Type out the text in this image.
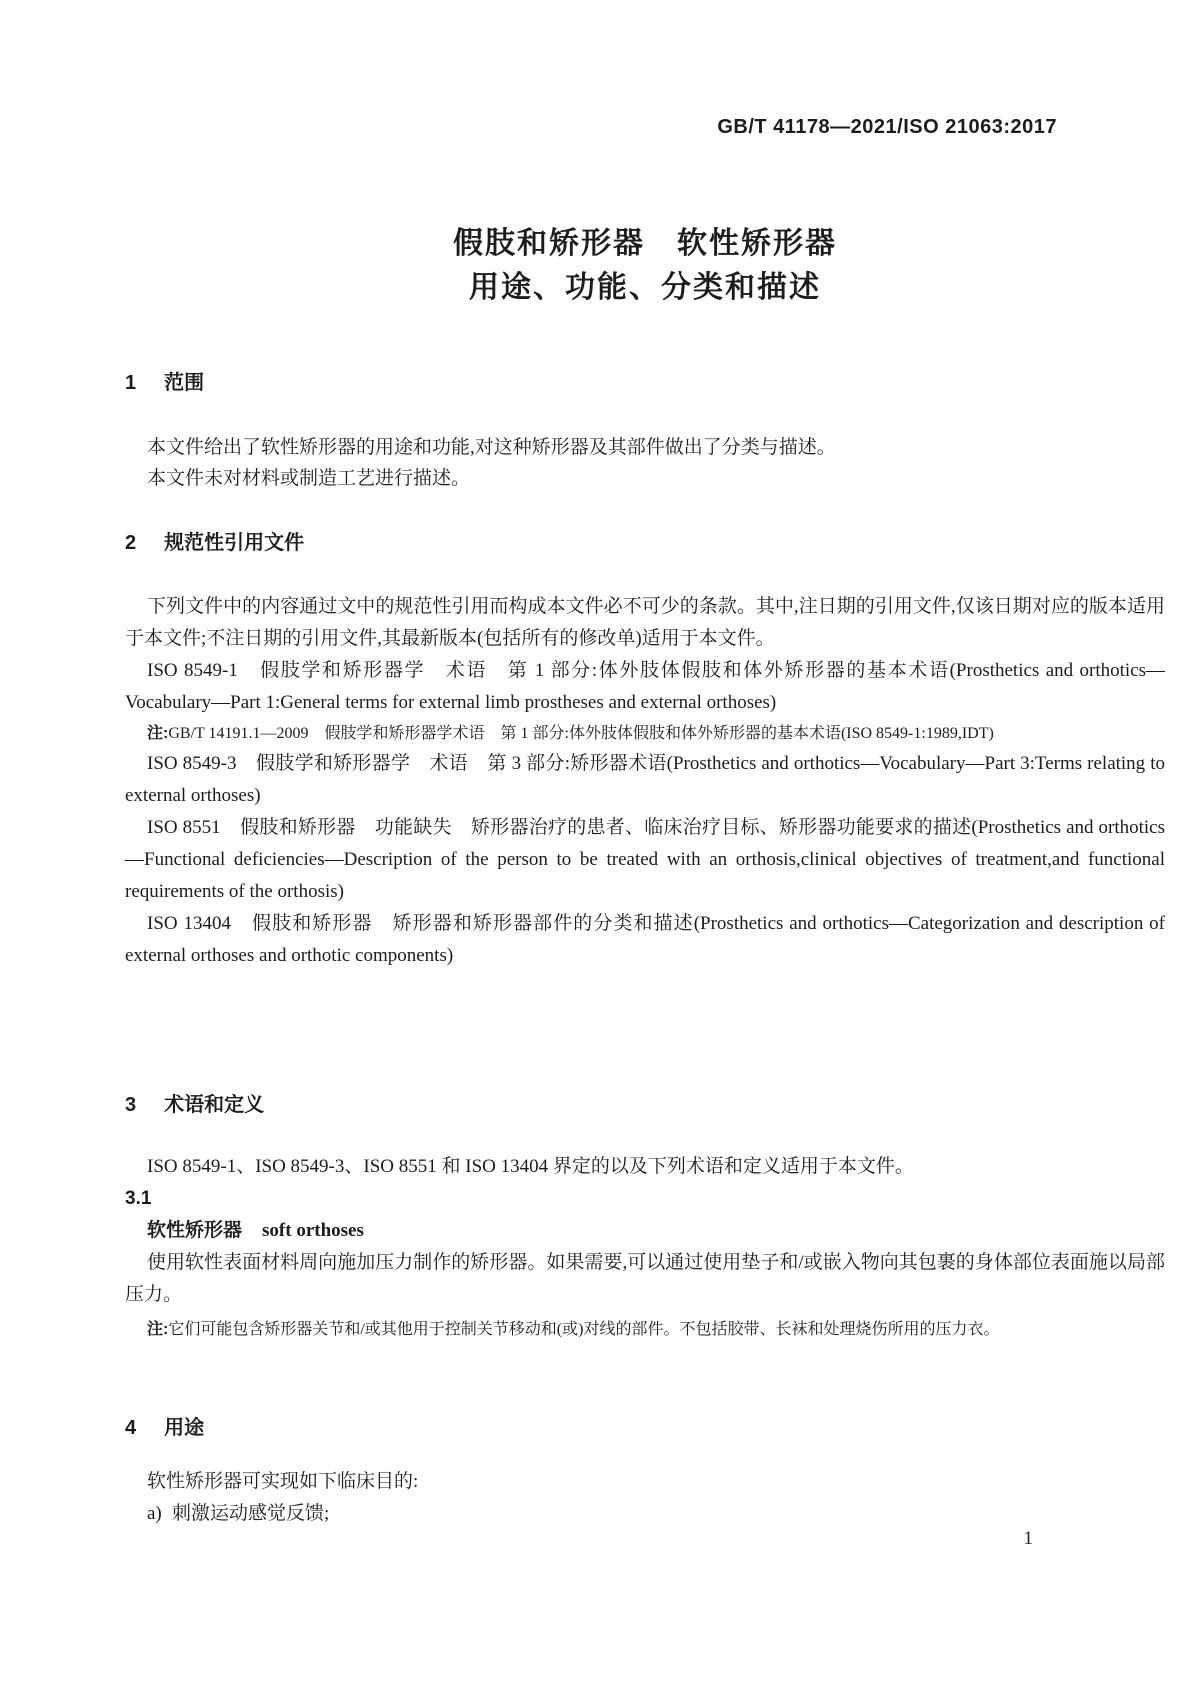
GB/T 41178—2021/ISO 21063:2017
假肢和矫形器　软性矫形器
用途、功能、分类和描述
1 范围

本文件给出了软性矫形器的用途和功能,对这种矫形器及其部件做出了分类与描述。

本文件未对材料或制造工艺进行描述。

2 规范性引用文件

下列文件中的内容通过文中的规范性引用而构成本文件必不可少的条款。其中,注日期的引用文件,仅该日期对应的版本适用于本文件;不注日期的引用文件,其最新版本(包括所有的修改单)适用于本文件。

ISO 8549-1　假肢学和矫形器学　术语　第 1 部分:体外肢体假肢和体外矫形器的基本术语(Prosthetics and orthotics—Vocabulary—Part 1:General terms for external limb prostheses and external orthoses)

注:GB/T 14191.1—2009　假肢学和矫形器学术语　第 1 部分:体外肢体假肢和体外矫形器的基本术语(ISO 8549-1:1989,IDT)

ISO 8549-3　假肢学和矫形器学　术语　第 3 部分:矫形器术语(Prosthetics and orthotics—Vocabulary—Part 3:Terms relating to external orthoses)

ISO 8551　假肢和矫形器　功能缺失　矫形器治疗的患者、临床治疗目标、矫形器功能要求的描述(Prosthetics and orthotics—Functional deficiencies—Description of the person to be treated with an orthosis,clinical objectives of treatment,and functional requirements of the orthosis)

ISO 13404　假肢和矫形器　矫形器和矫形器部件的分类和描述(Prosthetics and orthotics—Categorization and description of external orthoses and orthotic components)

3 术语和定义

ISO 8549-1、ISO 8549-3、ISO 8551 和 ISO 13404 界定的以及下列术语和定义适用于本文件。

3.1

软性矫形器 soft orthoses

使用软性表面材料周向施加压力制作的矫形器。如果需要,可以通过使用垫子和/或嵌入物向其包裹的身体部位表面施以局部压力。

注:它们可能包含矫形器关节和/或其他用于控制关节移动和(或)对线的部件。不包括胶带、长袜和处理烧伤所用的压力衣。

4 用途

软性矫形器可实现如下临床目的:

a) 刺激运动感觉反馈;

1
